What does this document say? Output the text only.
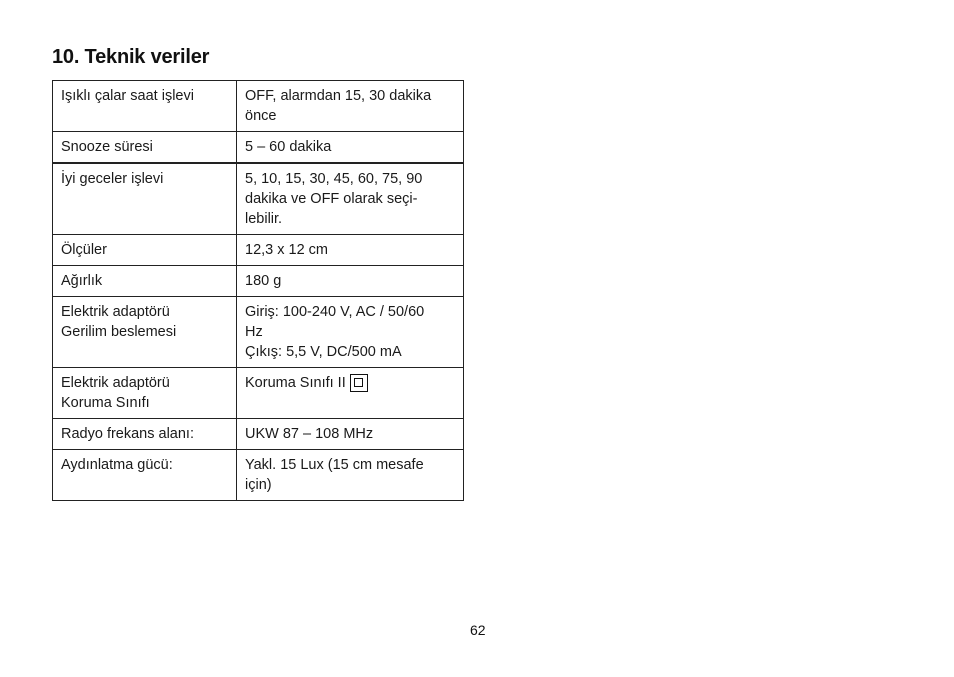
10. Teknik veriler
Işıklı çalar saat işlevi	OFF, alarmdan 15, 30 dakika
önce
Snooze süresi	5 – 60 dakika
İyi geceler işlevi	5, 10, 15, 30, 45, 60, 75, 90
dakika ve OFF olarak seçi-
lebilir.
Ölçüler	12,3 x 12 cm
Ağırlık	180 g
Elektrik adaptörü
Gerilim beslemesi	Giriş: 100-240 V, AC / 50/60
Hz
Çıkış: 5,5 V, DC/500 mA
Elektrik adaptörü
Koruma Sınıfı	Koruma Sınıfı II
Radyo frekans alanı:	UKW 87 – 108 MHz
Aydınlatma gücü:	Yakl. 15 Lux (15 cm mesafe
için)
62
